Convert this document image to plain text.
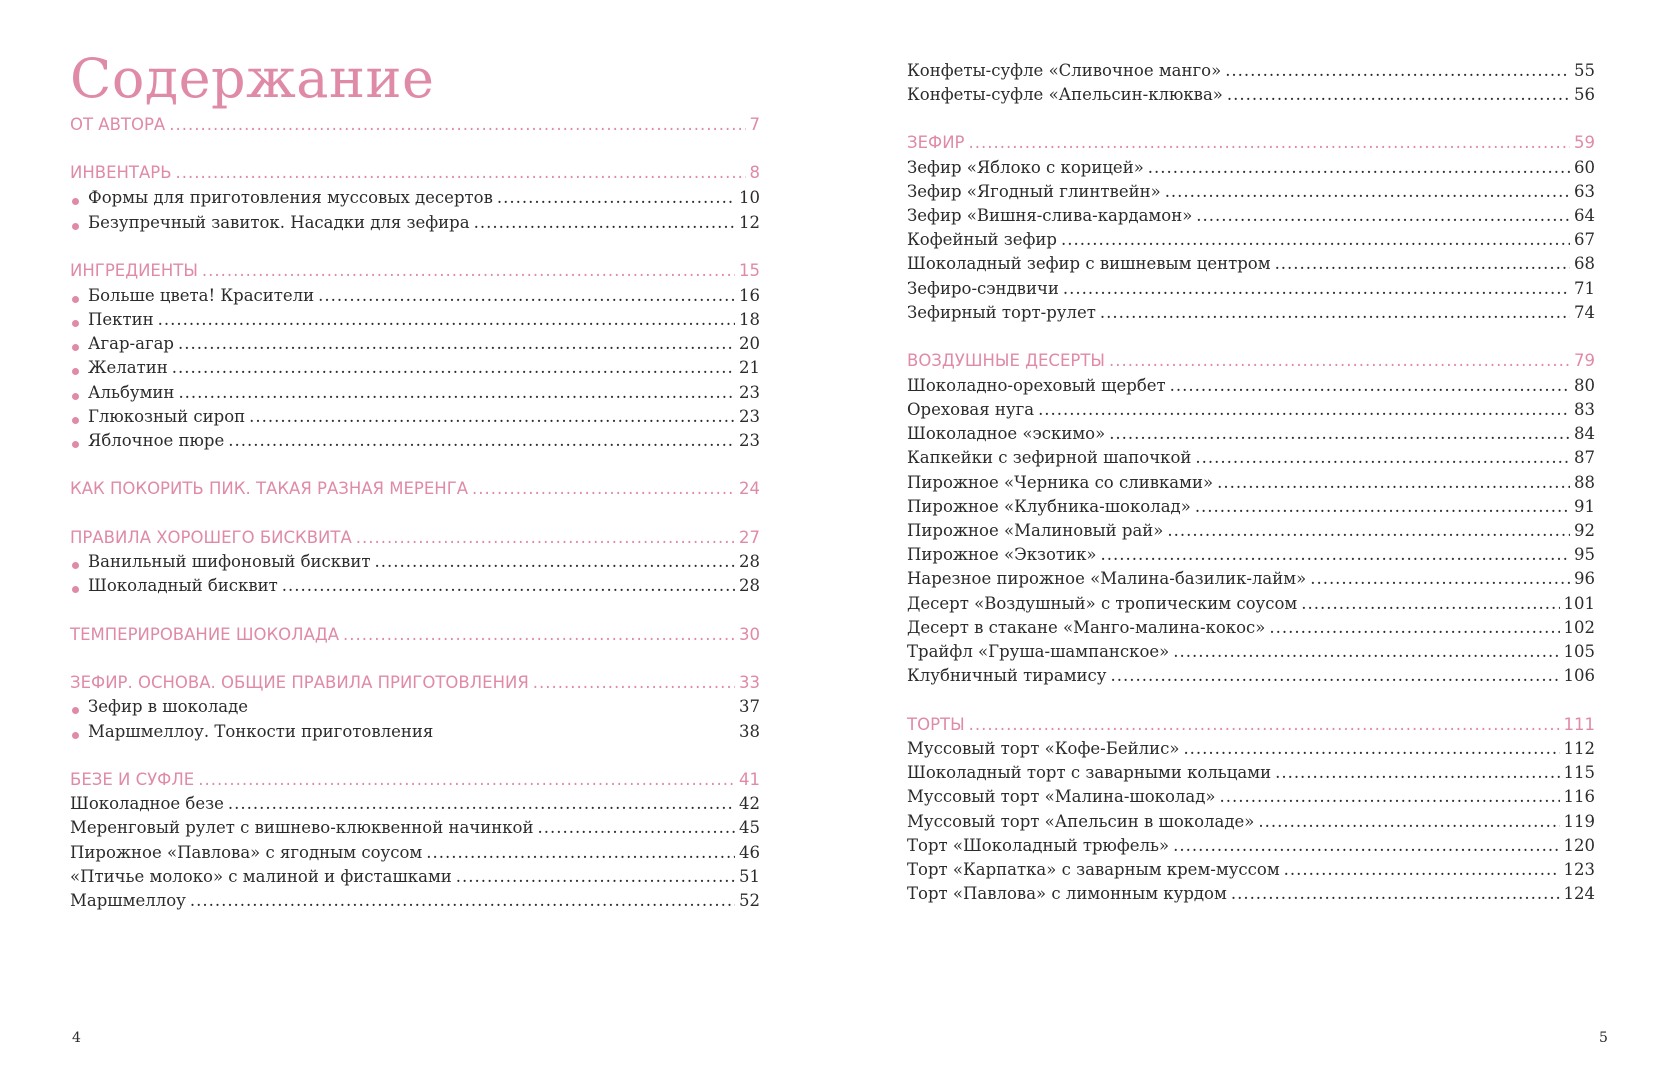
Содержание
ОТ АВТОРА .....	7
ИНВЕНТАРЬ .....	8
Формы для приготовления муссовых десертов .....	10
Безупречный завиток. Насадки для зефира .....	12
ИНГРЕДИЕНТЫ .....	15
Больше цвета! Красители .....	16
Пектин .....	18
Агар-агар .....	20
Желатин .....	21
Альбумин .....	23
Глюкозный сироп .....	23
Яблочное пюре .....	23
КАК ПОКОРИТЬ ПИК. ТАКАЯ РАЗНАЯ МЕРЕНГА .....	24
ПРАВИЛА ХОРОШЕГО БИСКВИТА .....	27
Ванильный шифоновый бисквит .....	28
Шоколадный бисквит .....	28
ТЕМПЕРИРОВАНИЕ ШОКОЛАДА .....	30
ЗЕФИР. ОСНОВА. ОБЩИЕ ПРАВИЛА ПРИГОТОВЛЕНИЯ .....	33
Зефир в шоколаде	37
Маршмеллоу. Тонкости приготовления	38
БЕЗЕ И СУФЛЕ .....	41
Шоколадное безе .....	42
Меренговый рулет с вишнево-клюквенной начинкой .....	45
Пирожное «Павлова» с ягодным соусом .....	46
«Птичье молоко» с малиной и фисташками .....	51
Маршмеллоу .....	52
Конфеты-суфле «Сливочное манго» .....	55
Конфеты-суфле «Апельсин-клюква» .....	56
ЗЕФИР .....	59
Зефир «Яблоко с корицей» .....	60
Зефир «Ягодный глинтвейн» .....	63
Зефир «Вишня-слива-кардамон» .....	64
Кофейный зефир .....	67
Шоколадный зефир с вишневым центром .....	68
Зефиро-сэндвичи .....	71
Зефирный торт-рулет .....	74
ВОЗДУШНЫЕ ДЕСЕРТЫ .....	79
Шоколадно-ореховый щербет .....	80
Ореховая нуга .....	83
Шоколадное «эскимо» .....	84
Капкейки с зефирной шапочкой .....	87
Пирожное «Черника со сливками» .....	88
Пирожное «Клубника-шоколад» .....	91
Пирожное «Малиновый рай» .....	92
Пирожное «Экзотик» .....	95
Нарезное пирожное «Малина-базилик-лайм» .....	96
Десерт «Воздушный» с тропическим соусом .....	101
Десерт в стакане «Манго-малина-кокос» .....	102
Трайфл «Груша-шампанское» .....	105
Клубничный тирамису .....	106
ТОРТЫ .....	111
Муссовый торт «Кофе-Бейлис» .....	112
Шоколадный торт с заварными кольцами .....	115
Муссовый торт «Малина-шоколад» .....	116
Муссовый торт «Апельсин в шоколаде» .....	119
Торт «Шоколадный трюфель» .....	120
Торт «Карпатка» с заварным крем-муссом .....	123
Торт «Павлова» с лимонным курдом .....	124
4	5
